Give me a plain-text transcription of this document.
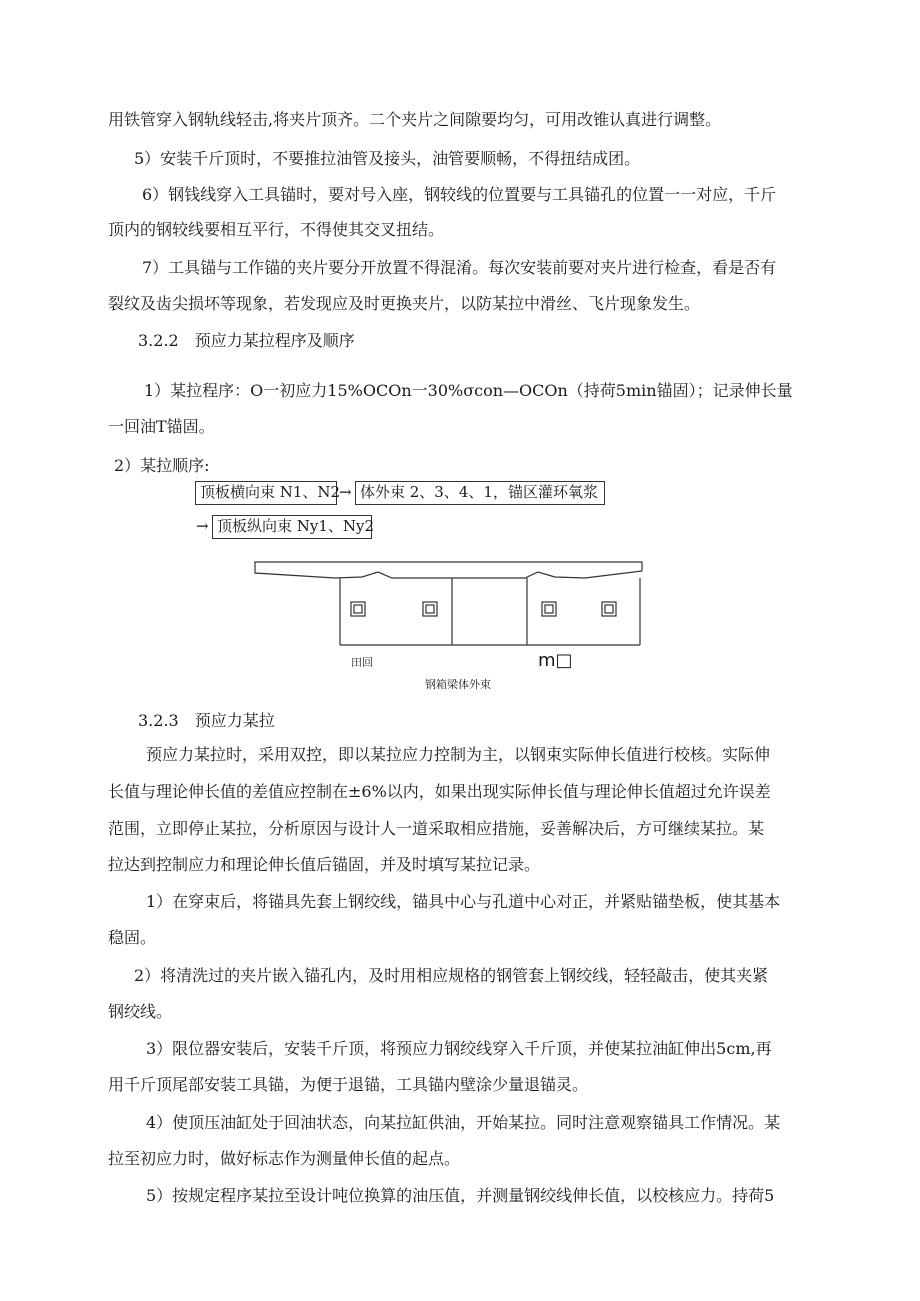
用铁管穿入钢轨线轻击,将夹片顶齐。二个夹片之间隙要均匀，可用改锥认真进行调整。
5）安装千斤顶时，不要推拉油管及接头，油管要顺畅，不得扭结成团。
6）钢钱线穿入工具锚时，要对号入座，钢较线的位置要与工具锚孔的位置一一对应，千斤
顶内的钢较线要相互平行，不得使其交叉扭结。
7）工具锚与工作锚的夹片要分开放置不得混淆。每次安装前要对夹片进行检查，看是否有
裂纹及齿尖损坏等现象，若发现应及时更换夹片，以防某拉中滑丝、飞片现象发生。
3.2.2　预应力某拉程序及顺序
1）某拉程序：O一初应力15%OCOn一30%σcon—OCOn（持荷5min锚固）；记录伸长量
一回油T锚固。
2）某拉顺序:
顶板横向束 N1、N2
→ 体外束 2、3、4、1，锚区灌环氧浆
→ 顶板纵向束 Ny1、Ny2
田回	m□
钢箱梁体外束
3.2.3　预应力某拉
预应力某拉时，采用双控，即以某拉应力控制为主，以钢束实际伸长值进行校核。实际伸
长值与理论伸长值的差值应控制在±6%以内，如果出现实际伸长值与理论伸长值超过允许误差
范围，立即停止某拉，分析原因与设计人一道采取相应措施，妥善解决后，方可继续某拉。某
拉达到控制应力和理论伸长值后锚固，并及时填写某拉记录。
1）在穿束后，将锚具先套上钢绞线，锚具中心与孔道中心对正，并紧贴锚垫板，使其基本
稳固。
2）将清洗过的夹片嵌入锚孔内，及时用相应规格的钢管套上钢绞线，轻轻敲击，使其夹紧
钢绞线。
3）限位器安装后，安装千斤顶，将预应力钢绞线穿入千斤顶，并使某拉油缸伸出5cm,再
用千斤顶尾部安装工具锚，为便于退锚，工具锚内壁涂少量退锚灵。
4）使顶压油缸处于回油状态，向某拉缸供油，开始某拉。同时注意观察锚具工作情况。某
拉至初应力时，做好标志作为测量伸长值的起点。
5）按规定程序某拉至设计吨位换算的油压值，并测量钢绞线伸长值，以校核应力。持荷5
